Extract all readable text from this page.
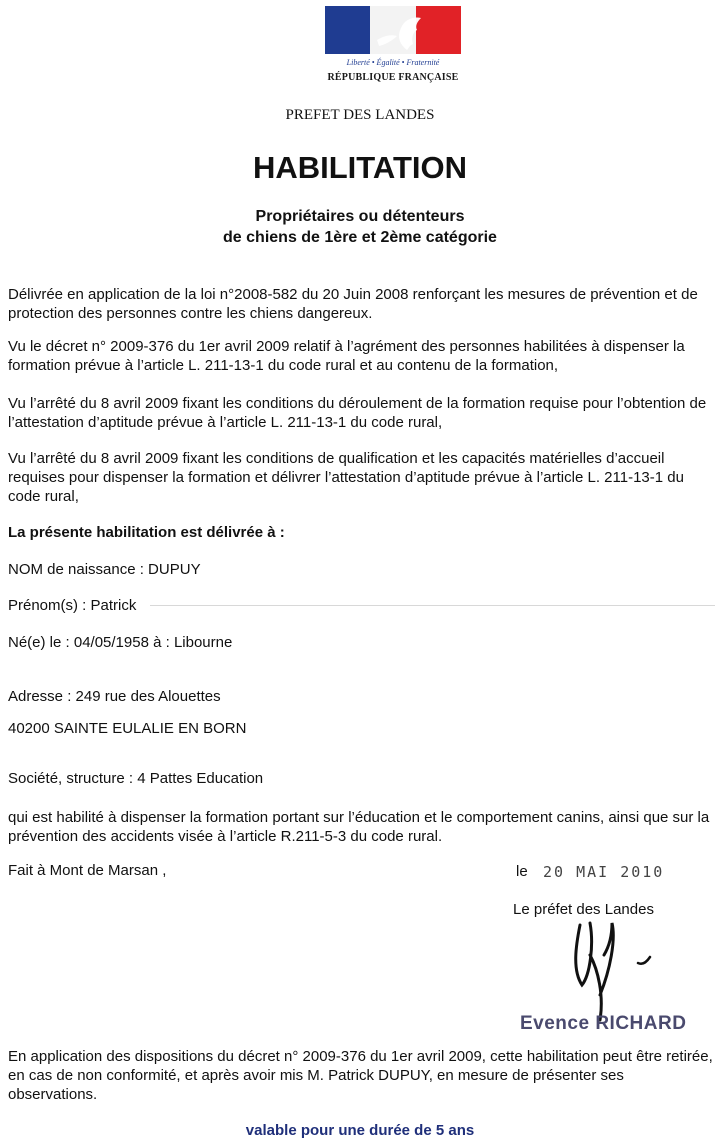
Liberté • Égalité • Fraternité
RÉPUBLIQUE FRANÇAISE
PREFET DES LANDES
HABILITATION
Propriétaires ou détenteurs
de chiens de 1ère et 2ème catégorie
Délivrée en application de la loi n°2008-582 du 20 Juin 2008 renforçant les mesures de prévention et de protection des personnes contre les chiens dangereux.
Vu le décret n° 2009-376 du 1er avril 2009 relatif à l’agrément des personnes habilitées à dispenser la formation prévue à l’article L. 211-13-1 du code rural et au contenu de la formation,
Vu l’arrêté du 8 avril 2009 fixant les conditions du déroulement de la formation requise pour l’obtention de l’attestation d’aptitude prévue à l’article L. 211-13-1 du code rural,
Vu l’arrêté du 8 avril 2009 fixant les conditions de qualification et les capacités matérielles d’accueil requises pour dispenser la formation et délivrer l’attestation d’aptitude prévue à l’article L. 211-13-1 du code rural,
La présente habilitation est délivrée à :
NOM de naissance : DUPUY
Prénom(s) : Patrick
Né(e) le : 04/05/1958 à : Libourne
Adresse : 249 rue des Alouettes
40200 SAINTE EULALIE EN BORN
Société, structure : 4 Pattes Education
qui est habilité à dispenser la formation portant sur l’éducation et le comportement canins, ainsi que sur la prévention des accidents visée à l’article R.211-5-3 du code rural.
Fait à Mont de Marsan ,	le 20 MAI 2010
Le préfet des Landes
Evence RICHARD
En application des dispositions du décret n° 2009-376 du 1er avril 2009, cette habilitation peut être retirée, en cas de non conformité, et après avoir mis M. Patrick DUPUY, en mesure de présenter ses observations.
valable pour une durée de 5 ans
